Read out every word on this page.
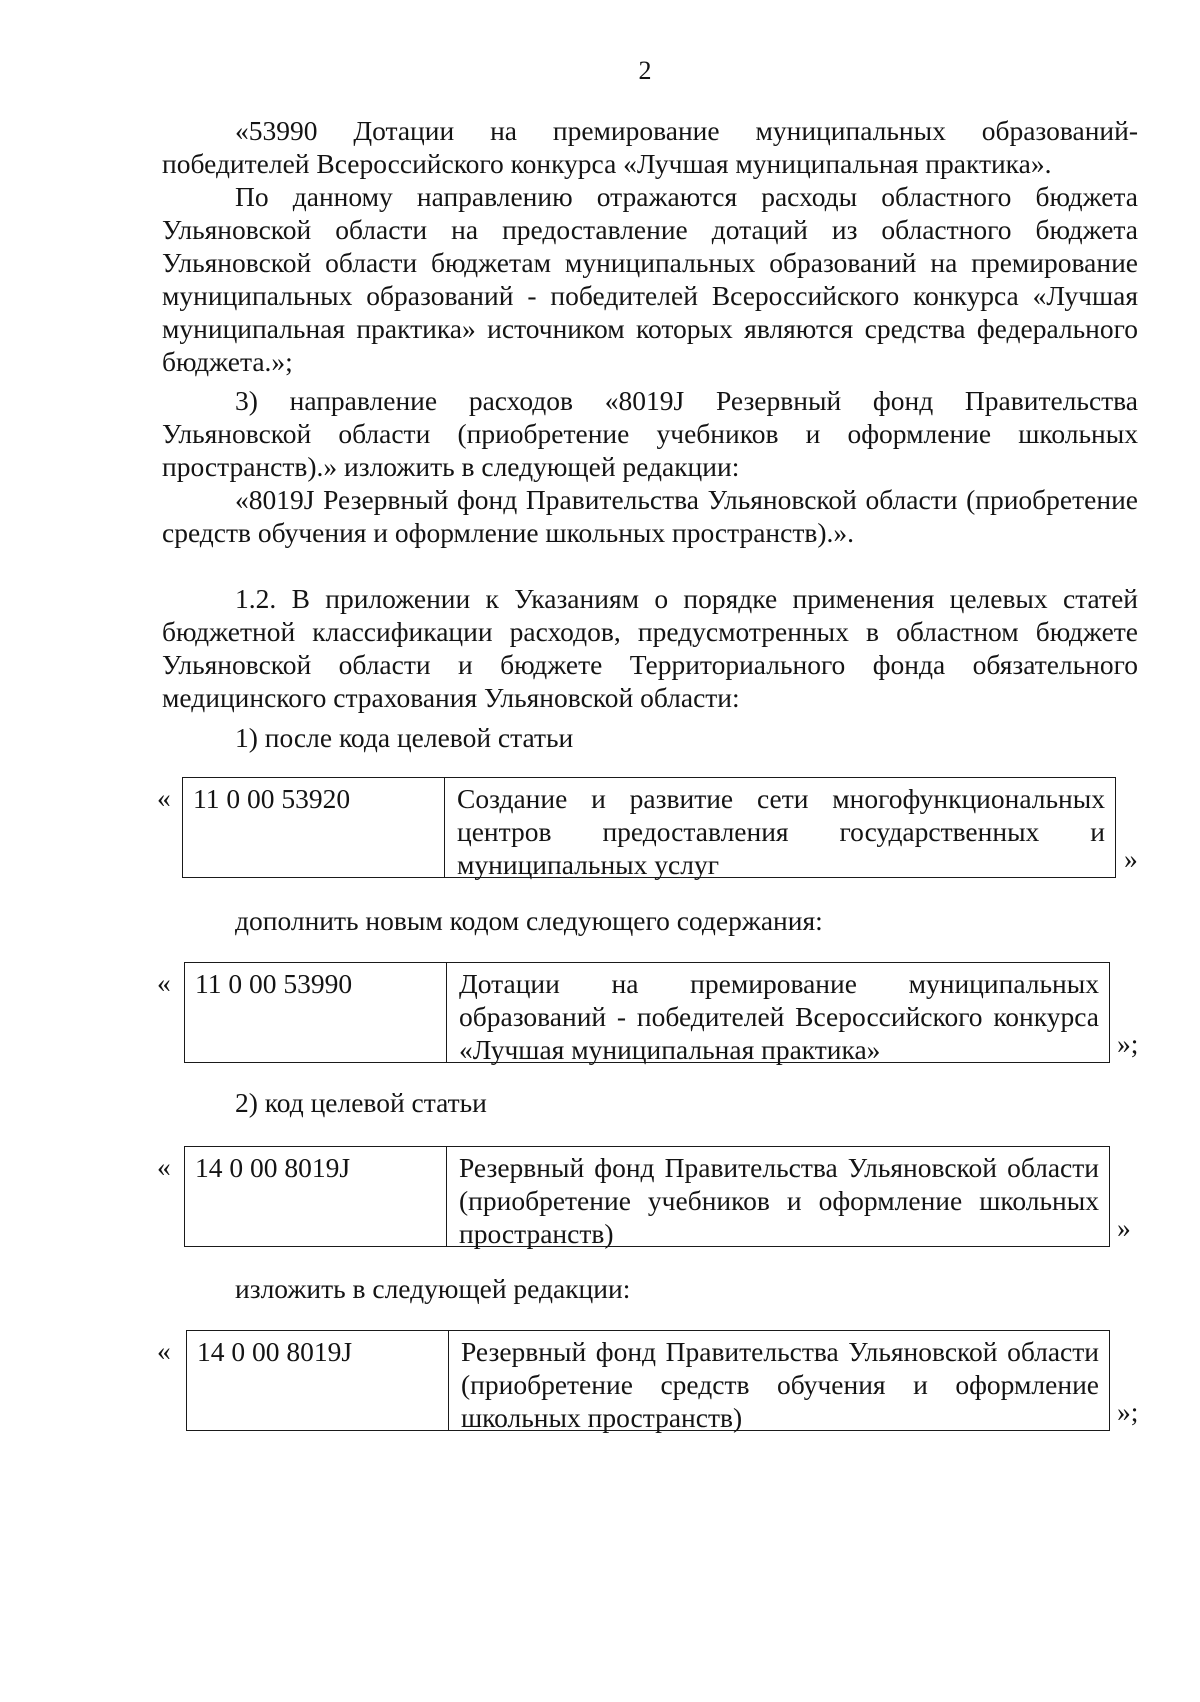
2

«53990 Дотации на премирование муниципальных образований-победителей Всероссийского конкурса «Лучшая муниципальная практика».

По данному направлению отражаются расходы областного бюджета Ульяновской области на предоставление дотаций из областного бюджета Ульяновской области бюджетам муниципальных образований на премирование муниципальных образований - победителей Всероссийского конкурса «Лучшая муниципальная практика» источником которых являются средства федерального бюджета.»;

3) направление расходов «8019J Резервный фонд Правительства Ульяновской области (приобретение учебников и оформление школьных пространств).» изложить в следующей редакции:

«8019J Резервный фонд Правительства Ульяновской области (приобретение средств обучения и оформление школьных пространств).».

1.2. В приложении к Указаниям о порядке применения целевых статей бюджетной классификации расходов, предусмотренных в областном бюджете Ульяновской области и бюджете Территориального фонда обязательного медицинского страхования Ульяновской области:

1) после кода целевой статьи

« 11 0 00 53920	Создание и развитие сети многофункциональных центров предоставления государственных и муниципальных услуг	»

дополнить новым кодом следующего содержания:

« 11 0 00 53990	Дотации на премирование муниципальных образований - победителей Всероссийского конкурса «Лучшая муниципальная практика»	»;

2) код целевой статьи

« 14 0 00 8019J	Резервный фонд Правительства Ульяновской области (приобретение учебников и оформление школьных пространств)	»

изложить в следующей редакции:

« 14 0 00 8019J	Резервный фонд Правительства Ульяновской области (приобретение средств обучения и оформление школьных пространств)	»;
